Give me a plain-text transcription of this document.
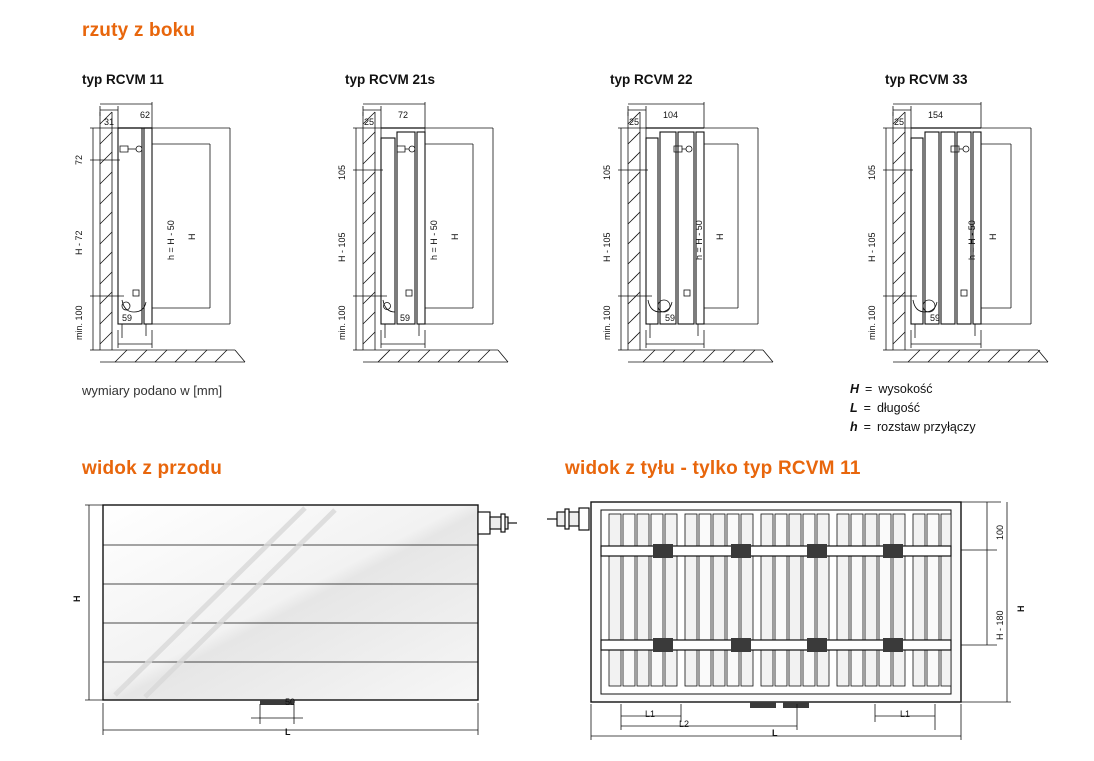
rzuty z boku
typ RCVM 11
31
62
72
H - 72
min. 100
h = H - 50 H
59
typ RCVM 21s
25
72
105
H - 105
min. 100
h = H - 50 H
59
typ RCVM 22
25
104
105
H - 105
min. 100
h = H - 50 H
59
typ RCVM 33
25
154
105
H - 105
min. 100
h = H - 50 H
59
wymiary podano w [mm]	H = wysokość
L = długość
h = rozstaw przyłączy
widok z przodu
H
50
L
widok z tyłu - tylko typ RCVM 11
100
H - 180
H
L1	L1
L2
L
